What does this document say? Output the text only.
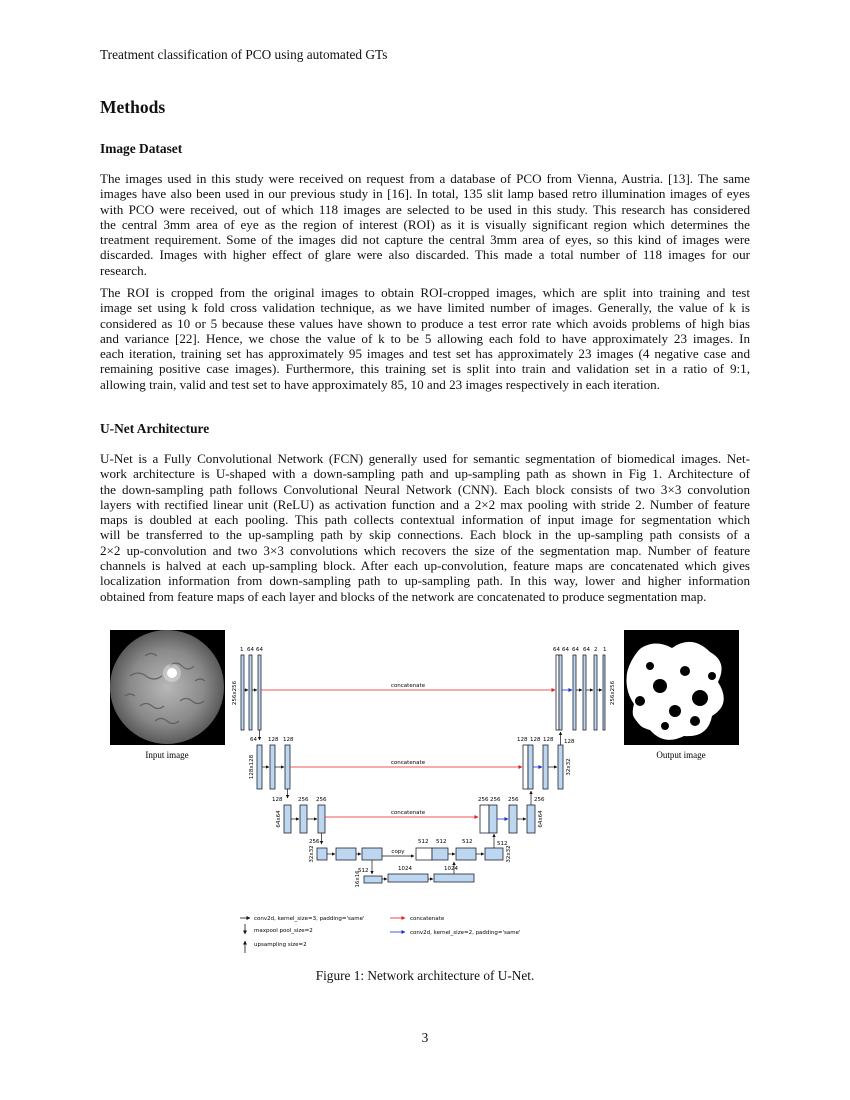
Treatment classification of PCO using automated GTs
Methods
Image Dataset

The images used in this study were received on request from a database of PCO from Vienna, Austria. [13]. The same
images have also been used in our previous study in [16]. In total, 135 slit lamp based retro illumination images of eyes
with PCO were received, out of which 118 images are selected to be used in this study. This research has considered
the central 3mm area of eye as the region of interest (ROI) as it is visually significant region which determines the
treatment requirement. Some of the images did not capture the central 3mm area of eyes, so this kind of images were
discarded. Images with higher effect of glare were also discarded. This made a total number of 118 images for our
research.

The ROI is cropped from the original images to obtain ROI-cropped images, which are split into training and test
image set using k fold cross validation technique, as we have limited number of images. Generally, the value of k is
considered as 10 or 5 because these values have shown to produce a test error rate which avoids problems of high bias
and variance [22]. Hence, we chose the value of k to be 5 allowing each fold to have approximately 23 images. In
each iteration, training set has approximately 95 images and test set has approximately 23 images (4 negative case and
remaining positive case images). Furthermore, this training set is split into train and validation set in a ratio of 9:1,
allowing train, valid and test set to have approximately 85, 10 and 23 images respectively in each iteration.

U-Net Architecture

U-Net is a Fully Convolutional Network (FCN) generally used for semantic segmentation of biomedical images. Net-
work architecture is U-shaped with a down-sampling path and up-sampling path as shown in Fig 1. Architecture of
the down-sampling path follows Convolutional Neural Network (CNN). Each block consists of two 3×3 convolution
layers with rectified linear unit (ReLU) as activation function and a 2×2 max pooling with stride 2. Number of feature
maps is doubled at each pooling. This path collects contextual information of input image for segmentation which
will be transferred to the up-sampling path by skip connections. Each block in the up-sampling path consists of a
2×2 up-convolution and two 3×3 convolutions which recovers the size of the segmentation map. Number of feature
channels is halved at each up-sampling block. After each up-convolution, feature maps are concatenated which gives
localization information from down-sampling path to up-sampling path. In this way, lower and higher information
obtained from feature maps of each layer and blocks of the network are concatenated to produce segmentation map.

Input image	Output image
1 64 64
256x256	concatenate
64 128 128
128x128	concatenate
128	256 256
64x64	concatenate
256
32x32	copy
512	1024	1024
16x16
512 512	512	512
32x32
256 256 256	256
64x64
128 128 128 128
32x32
64 64 64 64 2 1
256x256
conv2d, kernel_size=3, padding='same'
maxpool pool_size=2
upsampling size=2
concatenate
conv2d, kernel_size=2, padding='same'
Figure 1: Network architecture of U-Net.
3
